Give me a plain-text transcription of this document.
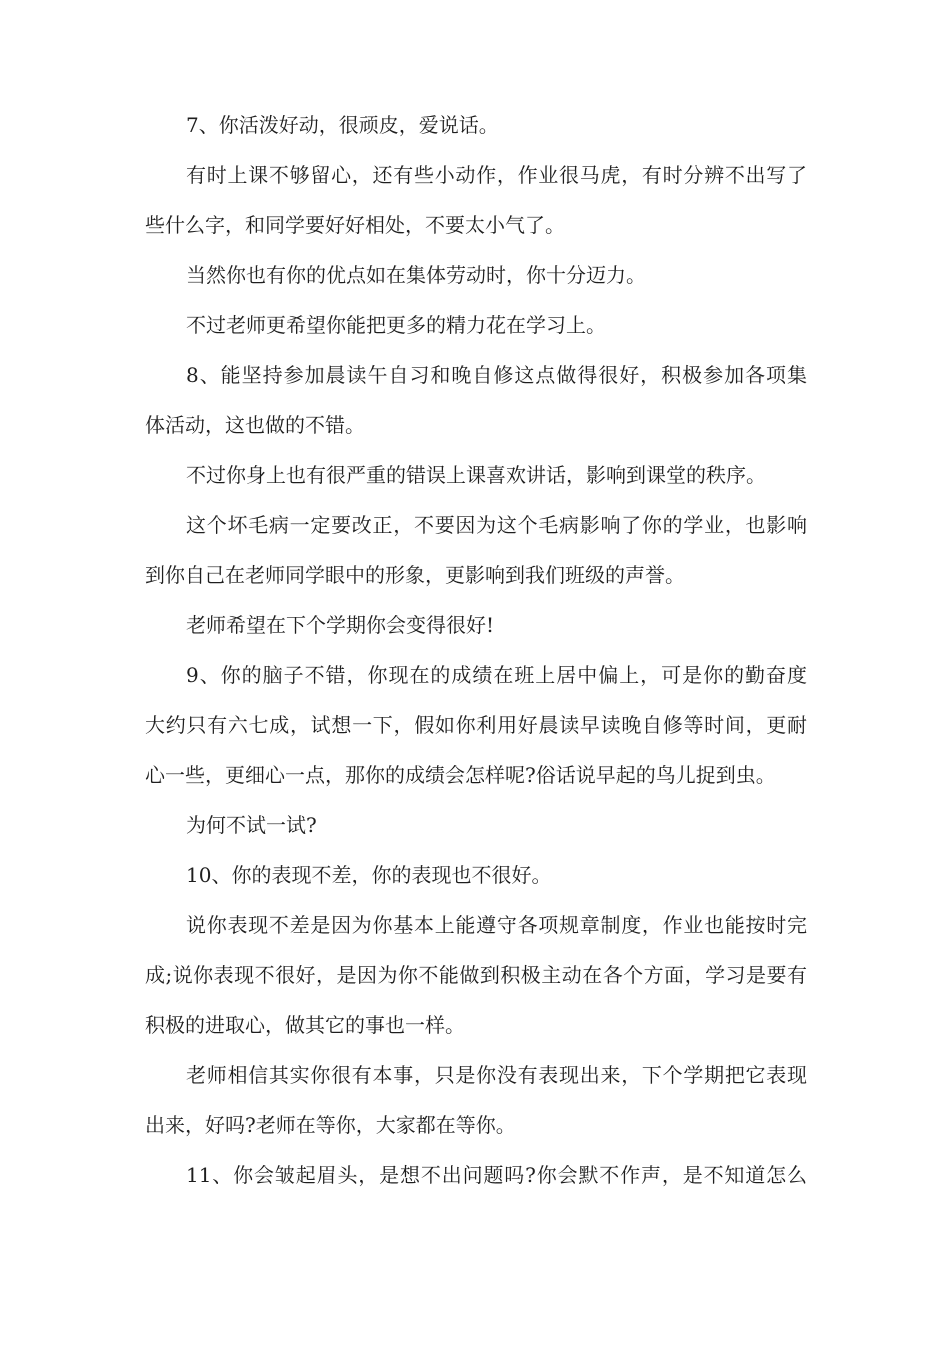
7、你活泼好动，很顽皮，爱说话。

有时上课不够留心，还有些小动作，作业很马虎，有时分辨不出写了
些什么字，和同学要好好相处，不要太小气了。

当然你也有你的优点如在集体劳动时，你十分迈力。

不过老师更希望你能把更多的精力花在学习上。

8、能坚持参加晨读午自习和晚自修这点做得很好，积极参加各项集
体活动，这也做的不错。

不过你身上也有很严重的错误上课喜欢讲话，影响到课堂的秩序。

这个坏毛病一定要改正，不要因为这个毛病影响了你的学业，也影响
到你自己在老师同学眼中的形象，更影响到我们班级的声誉。

老师希望在下个学期你会变得很好!

9、你的脑子不错，你现在的成绩在班上居中偏上，可是你的勤奋度
大约只有六七成，试想一下，假如你利用好晨读早读晚自修等时间，更耐
心一些，更细心一点，那你的成绩会怎样呢?俗话说早起的鸟儿捉到虫。

为何不试一试?

10、你的表现不差，你的表现也不很好。

说你表现不差是因为你基本上能遵守各项规章制度，作业也能按时完
成;说你表现不很好，是因为你不能做到积极主动在各个方面，学习是要有
积极的进取心，做其它的事也一样。

老师相信其实你很有本事，只是你没有表现出来，下个学期把它表现
出来，好吗?老师在等你，大家都在等你。

11、你会皱起眉头，是想不出问题吗?你会默不作声，是不知道怎么
